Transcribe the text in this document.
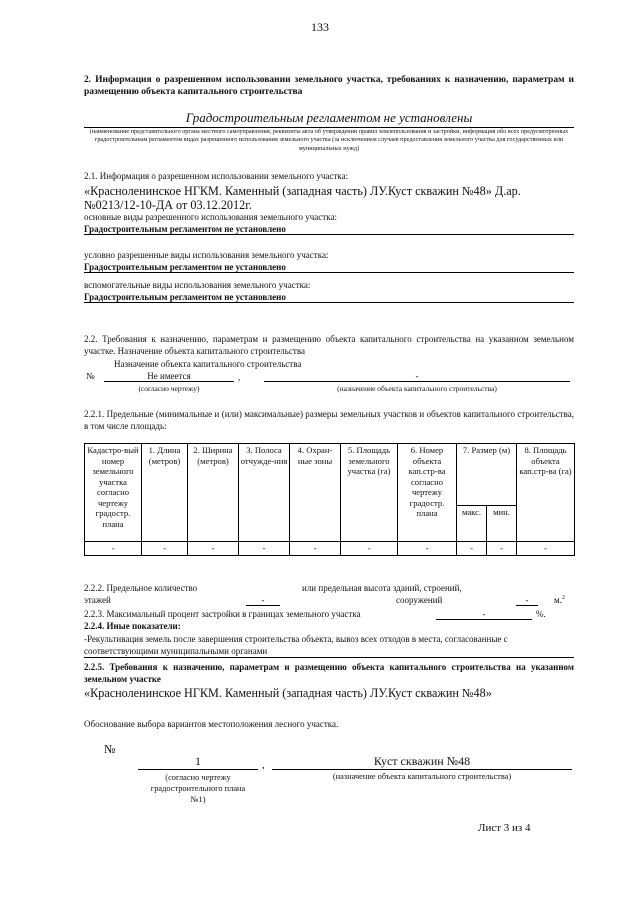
133
2. Информация о разрешенном использовании земельного участка, требованиях к назначению, параметрам и размещению объекта капитального строительства
Градостроительным регламентом не установлены
(наименование представительного органа местного самоуправления, реквизиты акта об утверждении правил землепользования и застройки, информация обо всех предусмотренных градостроительным регламентом видах разрешенного использования земельного участка (за исключением случаев предоставления земельного участка для государственных или муниципальных нужд)
2.1. Информация о разрешенном использовании земельного участка:
«Красноленинское НГКМ. Каменный (западная часть) ЛУ.Куст скважин №48» Д.ар. №0213/12-10-ДА от 03.12.2012г.
основные виды разрешенного использования земельного участка:
Градостроительным регламентом не установлено
условно разрешенные виды использования земельного участка:
Градостроительным регламентом не установлено
вспомогательные виды использования земельного участка:
Градостроительным регламентом не установлено
2.2. Требования к назначению, параметрам и размещению объекта капитального строительства на указанном земельном участке. Назначение объекта капитального строительства
Назначение объекта капитального строительства
№	Не имеется	,	-
(согласно чертежу)	(назначение объекта капитального строительства)
2.2.1. Предельные (минимальные и (или) максимальные) размеры земельных участков и объектов капитального строительства, в том числе площадь:
Кадастро-вый номер земельного участка согласно чертежу градостр. плана	1. Длина (метров)	2. Ширина (метров)	3. Полоса отчужде-ния	4. Охран-ные зоны	5. Площадь земельного участка (га)	6. Номер объекта кап.стр-ва согласно чертежу градостр. плана	7. Размер (м)		8. Площадь объекта кап.стр-ва (га)
							макс.	мин.	
-	-	-	-	-	-	-	-	-	-
2.2.2. Предельное количество	или предельная высота зданий, строений,
этажей	-	сооружений	-	м.$^2$
2.2.3. Максимальный процент застройки в границах земельного участка	-	%.
2.2.4. Иные показатели:
-Рекультивация земель после завершения строительства объекта, вывоз всех отходов в места, согласованные с соответствующими муниципальными органами
2.2.5. Требования к назначению, параметрам и размещению объекта капитального строительства на указанном земельном участке
«Красноленинское НГКМ. Каменный (западная часть) ЛУ.Куст скважин №48»
Обоснование выбора вариантов местоположения лесного участка.
№
1	,	Куст скважин №48
(согласно чертежу градостроительного плана №1)
(назначение объекта капитального строительства)
Лист 3 из 4
